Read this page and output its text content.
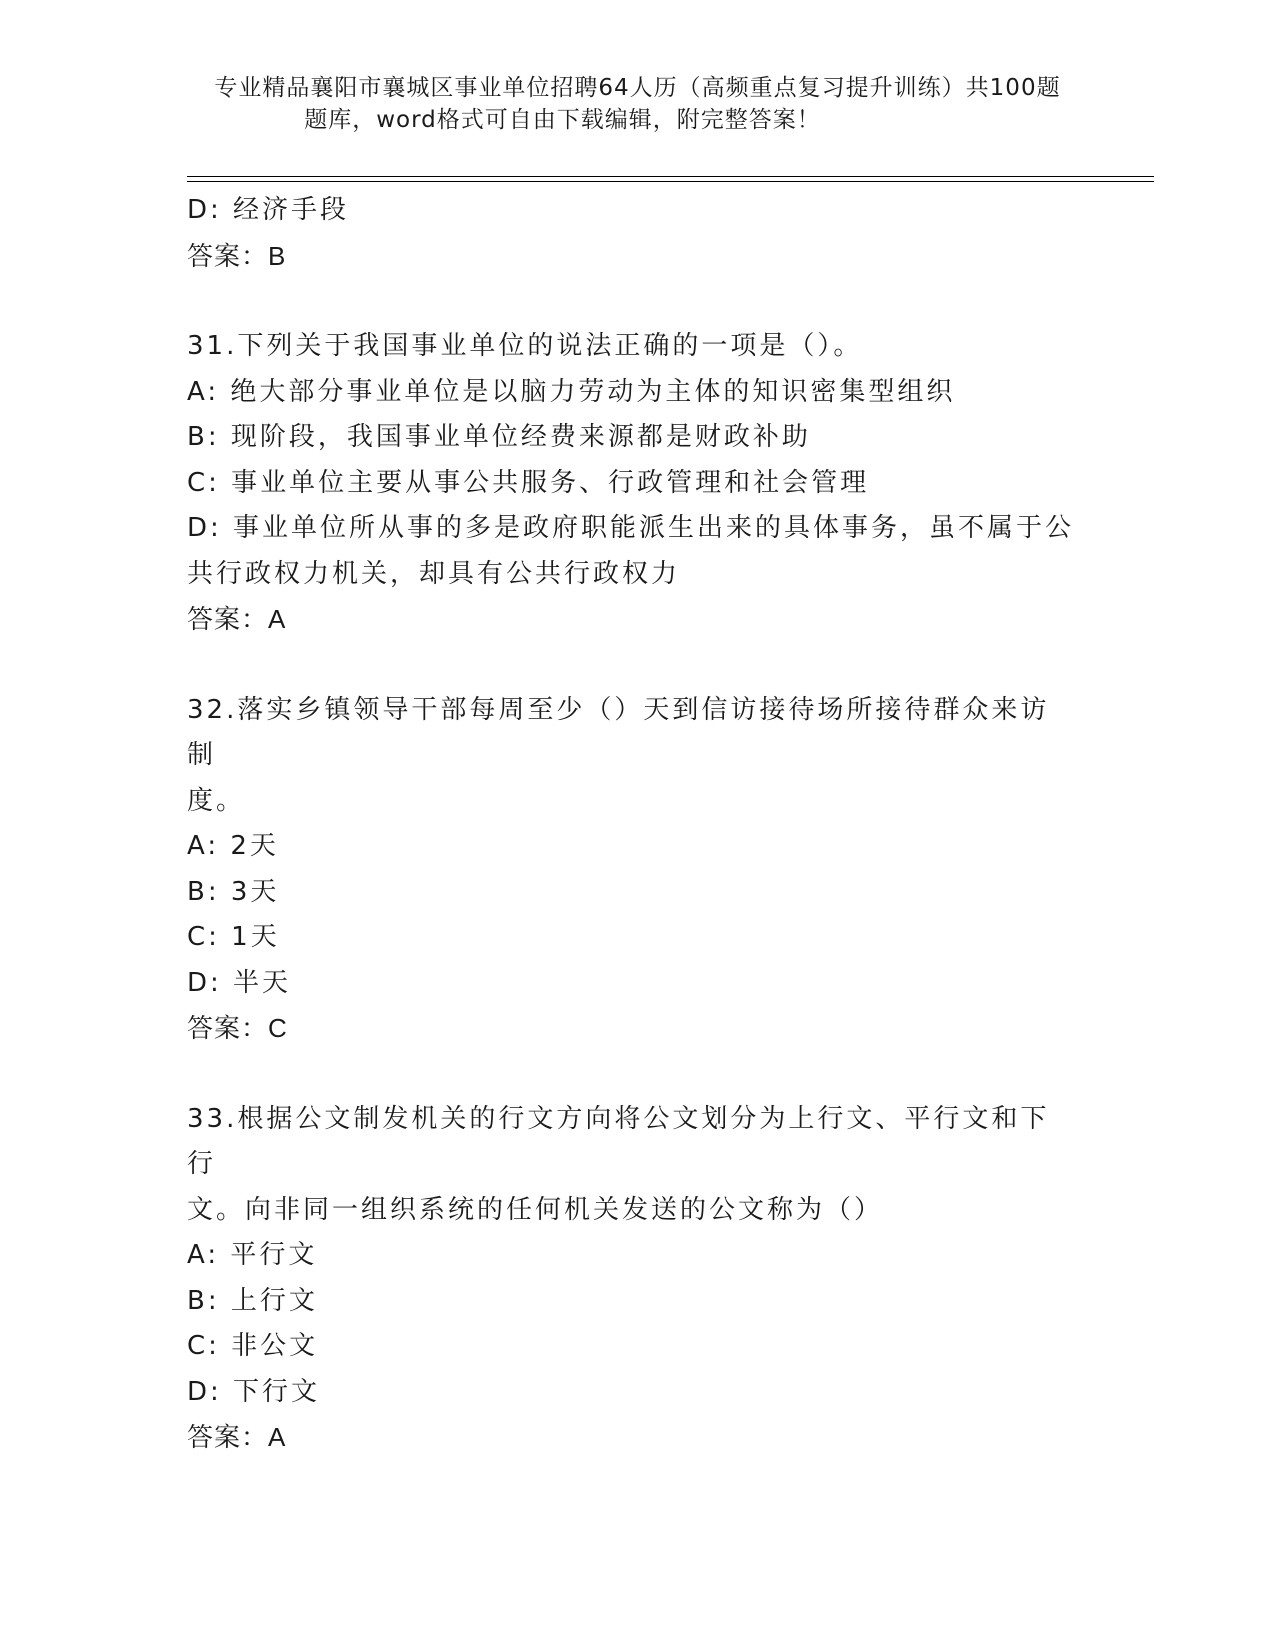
专业精品襄阳市襄城区事业单位招聘64人历（高频重点复习提升训练）共100题
题库，word格式可自由下载编辑，附完整答案！
D: 经济手段
答案：B
31.下列关于我国事业单位的说法正确的一项是（）。
A: 绝大部分事业单位是以脑力劳动为主体的知识密集型组织
B: 现阶段，我国事业单位经费来源都是财政补助
C: 事业单位主要从事公共服务、行政管理和社会管理
D: 事业单位所从事的多是政府职能派生出来的具体事务，虽不属于公
共行政权力机关，却具有公共行政权力
答案：A
32.落实乡镇领导干部每周至少（）天到信访接待场所接待群众来访制
度。
A: 2天
B: 3天
C: 1天
D: 半天
答案：C
33.根据公文制发机关的行文方向将公文划分为上行文、平行文和下行
文。向非同一组织系统的任何机关发送的公文称为（）
A: 平行文
B: 上行文
C: 非公文
D: 下行文
答案：A
